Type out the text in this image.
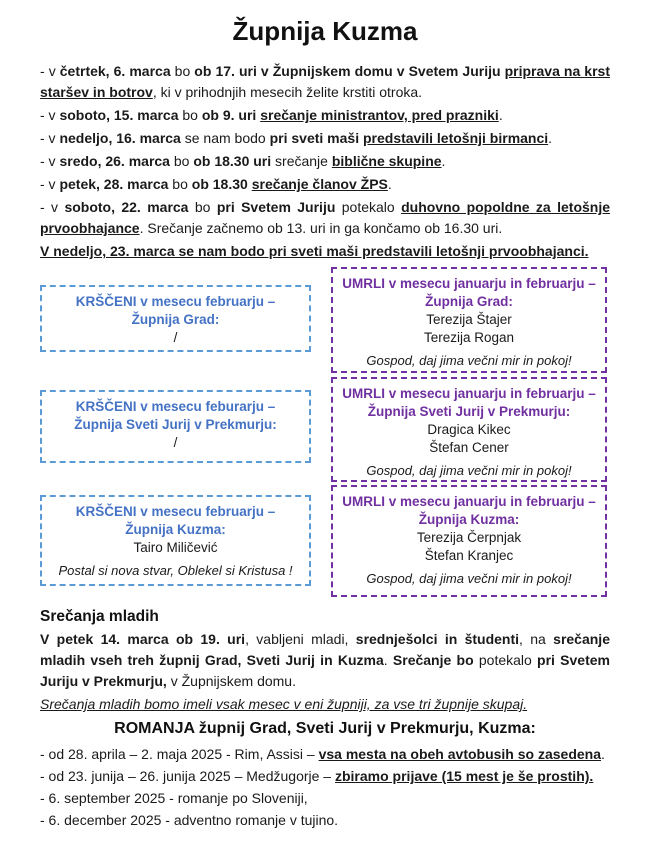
Župnija Kuzma

- v četrtek, 6. marca bo ob 17. uri v Župnijskem domu v Svetem Juriju priprava na krst staršev in botrov, ki v prihodnjih mesecih želite krstiti otroka.

- v soboto, 15. marca bo ob 9. uri srečanje ministrantov, pred prazniki.

- v nedeljo, 16. marca se nam bodo pri sveti maši predstavili letošnji birmanci.

- v sredo, 26. marca bo ob 18.30 uri srečanje biblične skupine.

- v petek, 28. marca bo ob 18.30 srečanje članov ŽPS.

- v soboto, 22. marca bo pri Svetem Juriju potekalo duhovno popoldne za letošnje prvoobhajance. Srečanje začnemo ob 13. uri in ga končamo ob 16.30 uri.

V nedeljo, 23. marca se nam bodo pri sveti maši predstavili letošnji prvoobhajanci.

KRŠČENI v mesecu februarju –
Župnija Grad:
/
KRŠČENI v mesecu feburarju –
Župnija Sveti Jurij v Prekmurju:
/
KRŠČENI v mesecu februarju –
Župnija Kuzma:
Tairo Miličević
Postal si nova stvar, Oblekel si Kristusa !
UMRLI v mesecu januarju in februarju –
Župnija Grad:
Terezija Štajer
Terezija Rogan
Gospod, daj jima večni mir in pokoj!
UMRLI v mesecu januarju in februarju –
Župnija Sveti Jurij v Prekmurju:
Dragica Kikec
Štefan Cener
Gospod, daj jima večni mir in pokoj!
UMRLI v mesecu januarju in februarju –
Župnija Kuzma:
Terezija Čerpnjak
Štefan Kranjec
Gospod, daj jima večni mir in pokoj!
Srečanja mladih

V petek 14. marca ob 19. uri, vabljeni mladi, srednješolci in študenti, na srečanje mladih vseh treh župnij Grad, Sveti Jurij in Kuzma. Srečanje bo potekalo pri Svetem Juriju v Prekmurju, v Župnijskem domu.

Srečanja mladih bomo imeli vsak mesec v eni župniji, za vse tri župnije skupaj.

ROMANJA župnij Grad, Sveti Jurij v Prekmurju, Kuzma:

- od 28. aprila – 2. maja 2025 - Rim, Assisi – vsa mesta na obeh avtobusih so zasedena.

- od 23. junija – 26. junija 2025 – Medžugorje – zbiramo prijave (15 mest je še prostih).

- 6. september 2025 - romanje po Sloveniji,

- 6. december 2025 - adventno romanje v tujino.
